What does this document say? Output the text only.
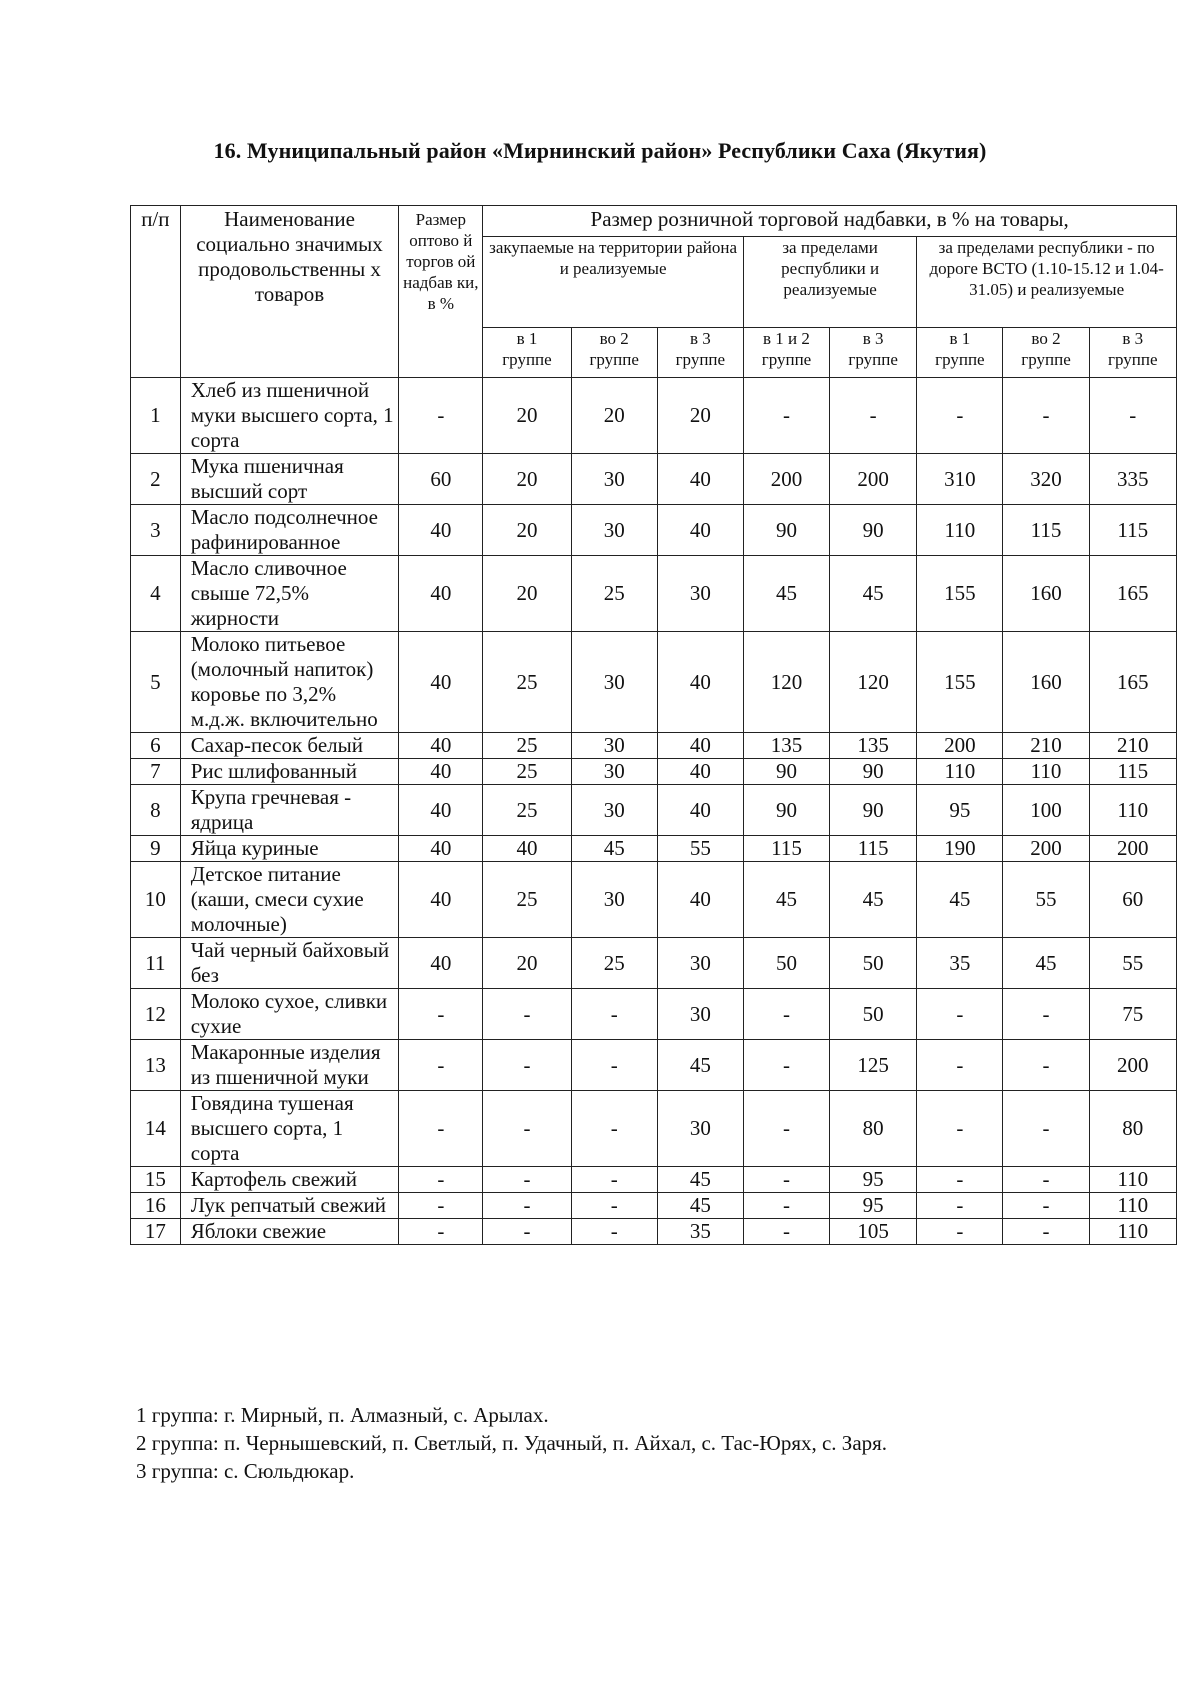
16. Муниципальный район «Мирнинский район» Республики Саха (Якутия)
п/п	Наименование социально значимых продовольственны х товаров	Размер оптово й торгов ой надбав ки, в %	Размер розничной торговой надбавки, в % на товары,							
			закупаемые на территории района и реализуемые			за пределами республики и реализуемые		за пределами республики - по дороге ВСТО (1.10-15.12 и 1.04-31.05) и реализуемые		
			в 1 группе	во 2 группе	в 3 группе	в 1 и 2 группе	в 3 группе	в 1 группе	во 2 группе	в 3 группе
1	Хлеб из пшеничной муки высшего сорта, 1 сорта	-	20	20	20	-	-	-	-	-
2	Мука пшеничная высший сорт	60	20	30	40	200	200	310	320	335
3	Масло подсолнечное рафинированное	40	20	30	40	90	90	110	115	115
4	Масло сливочное свыше 72,5% жирности	40	20	25	30	45	45	155	160	165
5	Молоко питьевое (молочный напиток) коровье по 3,2% м.д.ж. включительно	40	25	30	40	120	120	155	160	165
6	Сахар-песок белый	40	25	30	40	135	135	200	210	210
7	Рис шлифованный	40	25	30	40	90	90	110	110	115
8	Крупа гречневая - ядрица	40	25	30	40	90	90	95	100	110
9	Яйца куриные	40	40	45	55	115	115	190	200	200
10	Детское питание (каши, смеси сухие молочные)	40	25	30	40	45	45	45	55	60
11	Чай черный байховый без	40	20	25	30	50	50	35	45	55
12	Молоко сухое, сливки сухие	-	-	-	30	-	50	-	-	75
13	Макаронные изделия из пшеничной муки	-	-	-	45	-	125	-	-	200
14	Говядина тушеная высшего сорта, 1 сорта	-	-	-	30	-	80	-	-	80
15	Картофель свежий	-	-	-	45	-	95	-	-	110
16	Лук репчатый свежий	-	-	-	45	-	95	-	-	110
17	Яблоки свежие	-	-	-	35	-	105	-	-	110
1 группа: г. Мирный, п. Алмазный, с. Арылах.
2 группа: п. Чернышевский, п. Светлый, п. Удачный, п. Айхал, с. Тас-Юрях, с. Заря.
3 группа: с. Сюльдюкар.
